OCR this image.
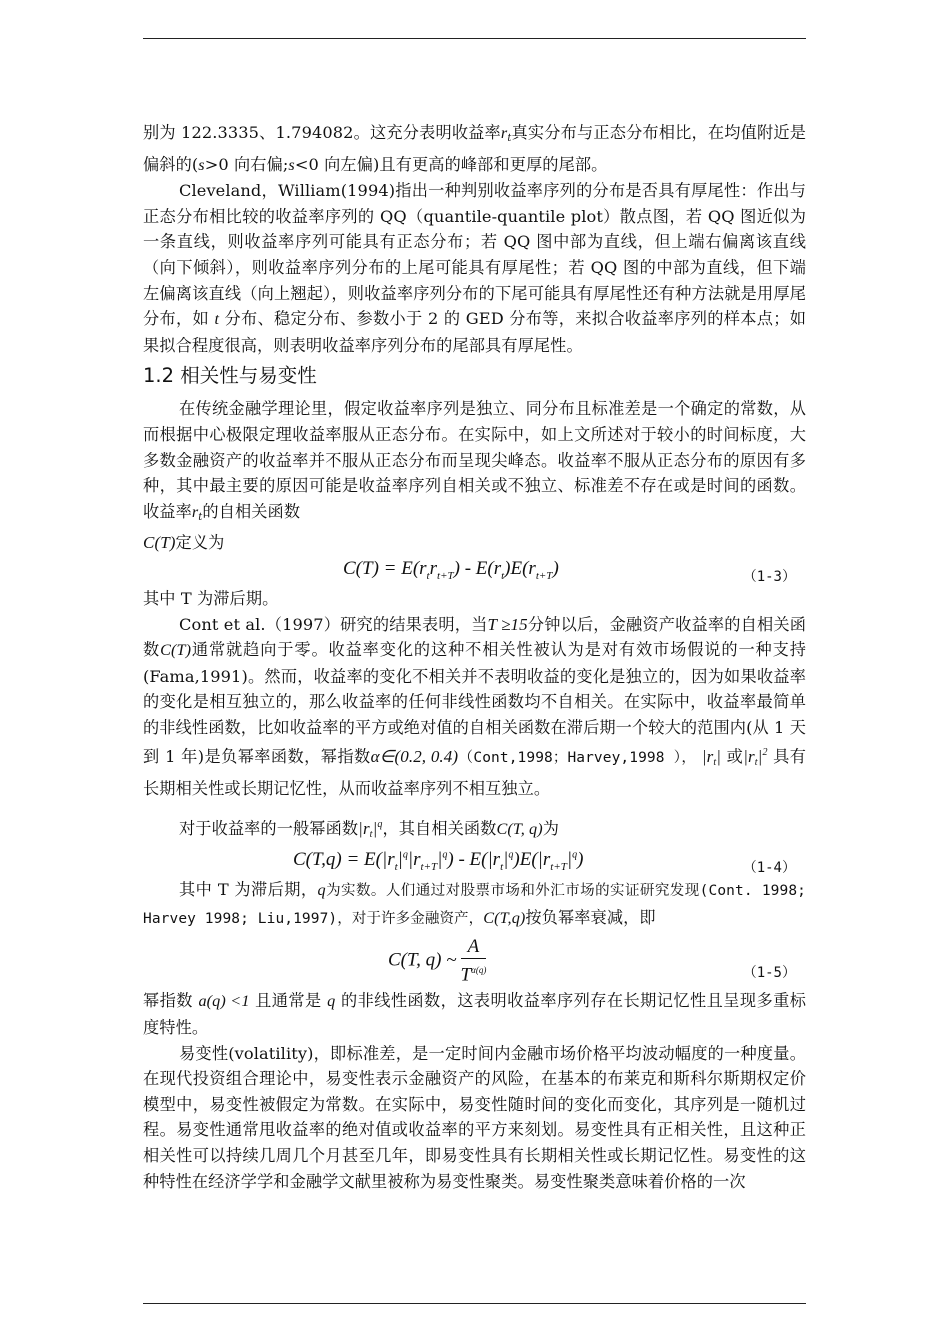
别为 122.3335、1.794082。这充分表明收益率$r_t$真实分布与正态分布相比，在均值附近是偏斜的(s>0 向右偏;s<0 向左偏)且有更高的峰部和更厚的尾部。

Cleveland，William(1994)指出一种判别收益率序列的分布是否具有厚尾性：作出与正态分布相比较的收益率序列的 QQ（quantile-quantile plot）散点图，若 QQ 图近似为一条直线，则收益率序列可能具有正态分布；若 QQ 图中部为直线，但上端右偏离该直线（向下倾斜），则收益率序列分布的上尾可能具有厚尾性；若 QQ 图的中部为直线，但下端左偏离该直线（向上翘起），则收益率序列分布的下尾可能具有厚尾性还有种方法就是用厚尾分布，如 t 分布、稳定分布、参数小于 2 的 GED 分布等，来拟合收益率序列的样本点；如果拟合程度很高，则表明收益率序列分布的尾部具有厚尾性。

1.2 相关性与易变性

在传统金融学理论里，假定收益率序列是独立、同分布且标准差是一个确定的常数，从而根据中心极限定理收益率服从正态分布。在实际中，如上文所述对于较小的时间标度，大多数金融资产的收益率并不服从正态分布而呈现尖峰态。收益率不服从正态分布的原因有多种，其中最主要的原因可能是收益率序列自相关或不独立、标准差不存在或是时间的函数。收益率$r_t$的自相关函数
C(T)定义为

$C(T) = E(r_tr_{t+T}) - E(r_t)E(r_{t+T})$	（1-3）

其中 T 为滞后期。

Cont et al.（1997）研究的结果表明，当T ≥15分钟以后，金融资产收益率的自相关函数C(T)通常就趋向于零。收益率变化的这种不相关性被认为是对有效市场假说的一种支持(Fama,1991)。然而，收益率的变化不相关并不表明收益的变化是独立的，因为如果收益率的变化是相互独立的，那么收益率的任何非线性函数均不自相关。在实际中，收益率最简单的非线性函数，比如收益率的平方或绝对值的自相关函数在滞后期一个较大的范围内(从 1 天到 1 年)是负幂率函数，幂指数α∈(0.2, 0.4)（Cont,1998；Harvey,1998 ）， $|r_t|$ 或$|r_t|^2$ 具有长期相关性或长期记忆性，从而收益率序列不相互独立。

对于收益率的一般幂函数$|r_t|^q$，其自相关函数C(T, q)为

$C(T,q) = E(|r_t|^q|r_{t+T}|^q) - E(|r_t|^q)E(|r_{t+T}|^q)$	（1-4）

其中 T 为滞后期，q为实数。人们通过对股票市场和外汇市场的实证研究发现(Cont. 1998; Harvey 1998; Liu,1997)，对于许多金融资产，C(T,q)按负幂率衰减，即

C(T, q) ~ $\frac{A}{T^{\alpha(q)}}$	（1-5）

幂指数 a(q) <1 且通常是 q 的非线性函数，这表明收益率序列存在长期记忆性且呈现多重标度特性。

易变性(volatility)，即标准差，是一定时间内金融市场价格平均波动幅度的一种度量。在现代投资组合理论中，易变性表示金融资产的风险，在基本的布莱克和斯科尔斯期权定价模型中，易变性被假定为常数。在实际中，易变性随时间的变化而变化，其序列是一随机过程。易变性通常甩收益率的绝对值或收益率的平方来刻划。易变性具有正相关性，且这种正相关性可以持续几周几个月甚至几年，即易变性具有长期相关性或长期记忆性。易变性的这种特性在经济学学和金融学文献里被称为易变性聚类。易变性聚类意味着价格的一次
